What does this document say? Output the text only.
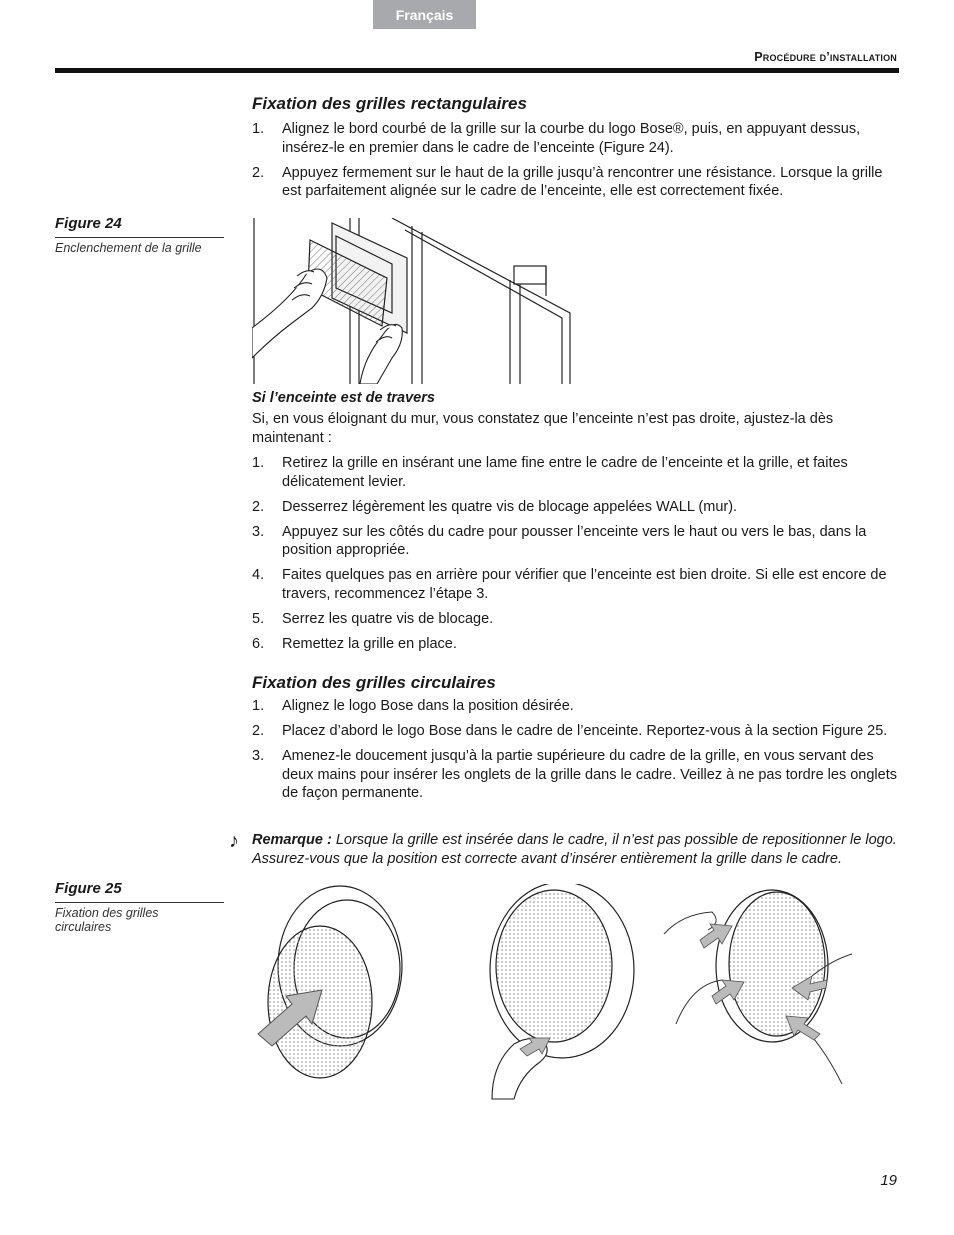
Français
Procédure d’installation
Fixation des grilles rectangulaires
1. Alignez le bord courbé de la grille sur la courbe du logo Bose®, puis, en appuyant dessus, insérez-le en premier dans le cadre de l’enceinte (Figure 24).
2. Appuyez fermement sur le haut de la grille jusqu’à rencontrer une résistance. Lorsque la grille est parfaitement alignée sur le cadre de l’enceinte, elle est correctement fixée.
Figure 24
Enclenchement de la grille
Si l’enceinte est de travers

Si, en vous éloignant du mur, vous constatez que l’enceinte n’est pas droite, ajustez-la dès maintenant :

1. Retirez la grille en insérant une lame fine entre le cadre de l’enceinte et la grille, et faites délicatement levier.
2. Desserrez légèrement les quatre vis de blocage appelées WALL (mur).
3. Appuyez sur les côtés du cadre pour pousser l’enceinte vers le haut ou vers le bas, dans la position appropriée.
4. Faites quelques pas en arrière pour vérifier que l’enceinte est bien droite. Si elle est encore de travers, recommencez l’étape 3.
5. Serrez les quatre vis de blocage.
6. Remettez la grille en place.
Fixation des grilles circulaires
1. Alignez le logo Bose dans la position désirée.
2. Placez d’abord le logo Bose dans le cadre de l’enceinte. Reportez-vous à la section Figure 25.
3. Amenez-le doucement jusqu’à la partie supérieure du cadre de la grille, en vous servant des deux mains pour insérer les onglets de la grille dans le cadre. Veillez à ne pas tordre les onglets de façon permanente.
♪ Remarque : Lorsque la grille est insérée dans le cadre, il n’est pas possible de repositionner le logo. Assurez-vous que la position est correcte avant d’insérer entièrement la grille dans le cadre.

Figure 25
Fixation des grilles circulaires
19
